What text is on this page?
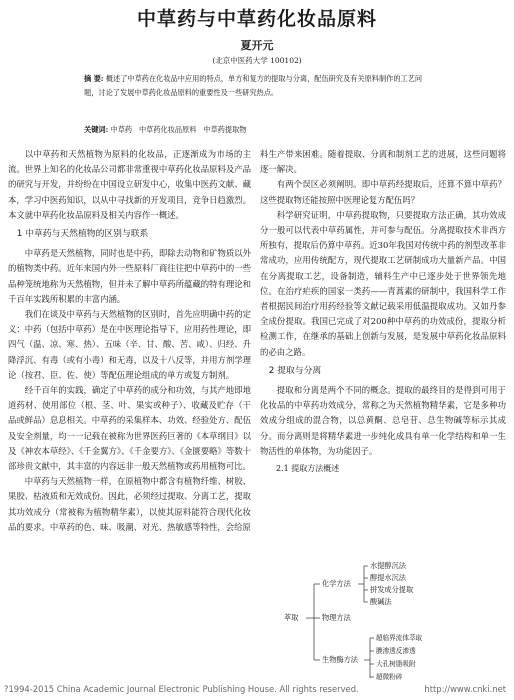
中草药与中草药化妆品原料
夏开元
(北京中医药大学 100102)
摘 要: 概述了中草药在化妆品中应用的特点，单方和复方的提取与分离，配伍研究及有关原料制作的工艺问题，讨论了发展中草药化妆品原料的重要性及一些研究热点。
关键词: 中草药 中草药化妆品原料 中草药提取物

以中草药和天然植物为原料的化妆品，正逐渐成为市场的主流。世界上知名的化妆品公司都非常重视中草药化妆品原料及产品的研究与开发，并纷纷在中国设立研发中心，收集中医药文献、藏本，学习中医药知识，以从中寻找新的开发项目，竞争日趋激烈。本文就中草药化妆品原料及相关内容作一概述。

1 中草药与天然植物的区别与联系

中草药是天然植物，同时也是中药，即除去动物和矿物质以外的植物类中药。近年来国内外一些原料厂商往往把中草药中的一些品种笼统地称为天然植物，但并未了解中草药所蕴藏的特有理论和千百年实践所积累的丰富内涵。

我们在谈及中草药与天然植物的区别时，首先应明确中药的定义：中药（包括中草药）是在中医理论指导下，应用药性理论，即四气（温、凉、寒、热）、五味（辛、甘、酸、苦、咸）、归经、升降浮沉、有毒（或有小毒）和无毒，以及十八反等，并用方剂学理论（按君、臣、佐、使）等配伍理论组成的单方或复方制剂。

经千百年的实践，确定了中草药的成分和功效，与其产地即地道药材、使用部位（根、茎、叶、果实或种子）、收藏及贮存（干品或鲜品）息息相关。中草药的采集样本、功效、经验处方、配伍及安全剂量，均一一记载在被称为世界医药巨著的《本草纲目》以及《神农本草经》、《千金翼方》、《千金要方》、《金匮要略》等数十部珍贵文献中，其丰富的内容远非一般天然植物或药用植物可比。

中草药与天然植物一样，在原植物中都含有植物纤维、树胶、果胶、枯液质和无效成份。因此，必须经过提取、分离工艺，提取其功效成分（常被称为植物精华素），以使其原料能符合现代化妆品的要求。中草药的色、味、吸潮、对光、热敏感等特性，会给原

料生产带来困难。随着提取、分离和制剂工艺的进展，这些问题将逐一解决。

有两个误区必须阐明。即中草药经提取后，还算不算中草药？这些提取物还能按照中医理论复方配伍吗？

科学研究证明，中草药提取物，只要提取方法正确，其功效成分一般可以代表中草药属性，并可参与配伍。分离提取技术非西方所独有，提取后仍算中草药。近30年我国对传统中药的剂型改革非常成功，应用传统配方，现代提取工艺研制成功大量新产品。中国在分离提取工艺，设备制造，辅料生产中已逐步处于世界领先地位。在治疗疟疾的国家一类药——青蒿素的研制中，我国科学工作者根据民间治疗用药经验等文献记载采用低温提取成功。又如丹参全成份提取。我国已完成了对200种中草药的功效成份，提取分析检测工作，在继承的基础上创新与发展，是发展中草药化妆品原料的必由之路。

2 提取与分离

提取和分离是两个不同的概念。提取的最终目的是得到可用于化妆品的中草药功效成分，常称之为天然植物精华素，它是多种功效成分组成的混合物，以总黄酮、总皂苷、总生物碱等标示其成分。而分离则是将精华素进一步纯化成具有单一化学结构和单一生物活性的单体物，为功能因子。

2.1 提取方法概述
萃取
化学方法
物理方法
生物酶方法
水提醇沉法
醇提水沉法
拼发成分提取
酸碱法
超临界流体萃取
膜渗透反渗透
大孔树脂吸附
超微粉碎
?1994-2015 China Academic Journal Electronic Publishing House. All rights reserved.	http://www.cnki.net
